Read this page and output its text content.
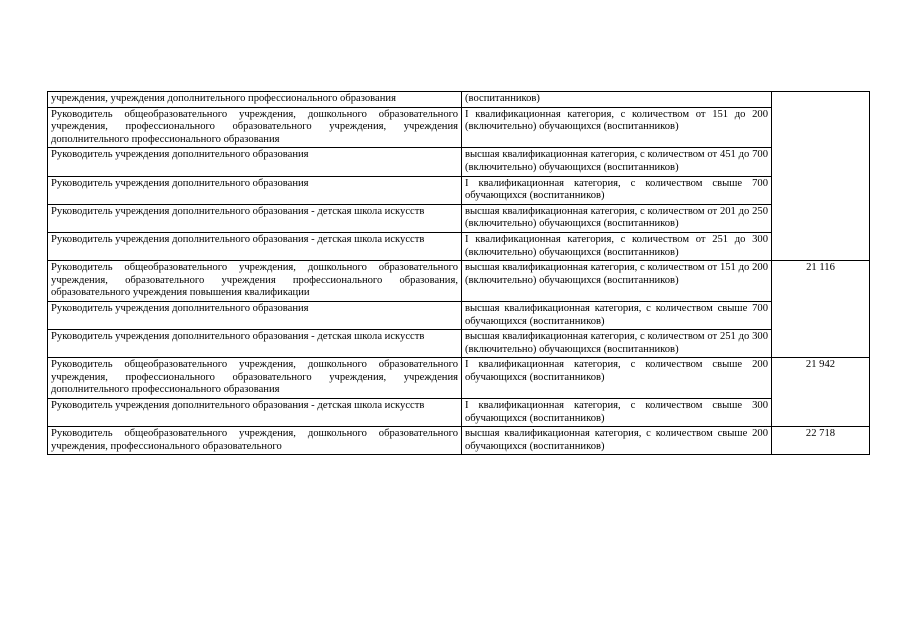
учреждения, учреждения дополнительного профессионального образования	(воспитанников)	
Руководитель общеобразовательного учреждения, дошкольного образовательного учреждения, профессионального образовательного учреждения, учреждения дополнительного профессионального образования	I квалификационная категория, с количеством от 151 до 200 (включительно) обучающихся (воспитанников)	
Руководитель учреждения дополнительного образования	высшая квалификационная категория, с количеством от 451 до 700 (включительно) обучающихся (воспитанников)	
Руководитель учреждения дополнительного образования	I квалификационная категория, с количеством свыше 700 обучающихся (воспитанников)	
Руководитель учреждения дополнительного образования - детская школа искусств	высшая квалификационная категория, с количеством от 201 до 250 (включительно) обучающихся (воспитанников)	
Руководитель учреждения дополнительного образования - детская школа искусств	I квалификационная категория, с количеством от 251 до 300 (включительно) обучающихся (воспитанников)	
Руководитель общеобразовательного учреждения, дошкольного образовательного учреждения, образовательного учреждения профессионального образования, образовательного учреждения повышения квалификации	высшая квалификационная категория, с количеством от 151 до 200 (включительно) обучающихся (воспитанников)	21 116
Руководитель учреждения дополнительного образования	высшая квалификационная категория, с количеством свыше 700 обучающихся (воспитанников)	
Руководитель учреждения дополнительного образования - детская школа искусств	высшая квалификационная категория, с количеством от 251 до 300 (включительно) обучающихся (воспитанников)	
Руководитель общеобразовательного учреждения, дошкольного образовательного учреждения, профессионального образовательного учреждения, учреждения дополнительного профессионального образования	I квалификационная категория, с количеством свыше 200 обучающихся (воспитанников)	21 942
Руководитель учреждения дополнительного образования - детская школа искусств	I квалификационная категория, с количеством свыше 300 обучающихся (воспитанников)	
Руководитель общеобразовательного учреждения, дошкольного образовательного учреждения, профессионального образовательного	высшая квалификационная категория, с количеством свыше 200 обучающихся (воспитанников)	22 718
